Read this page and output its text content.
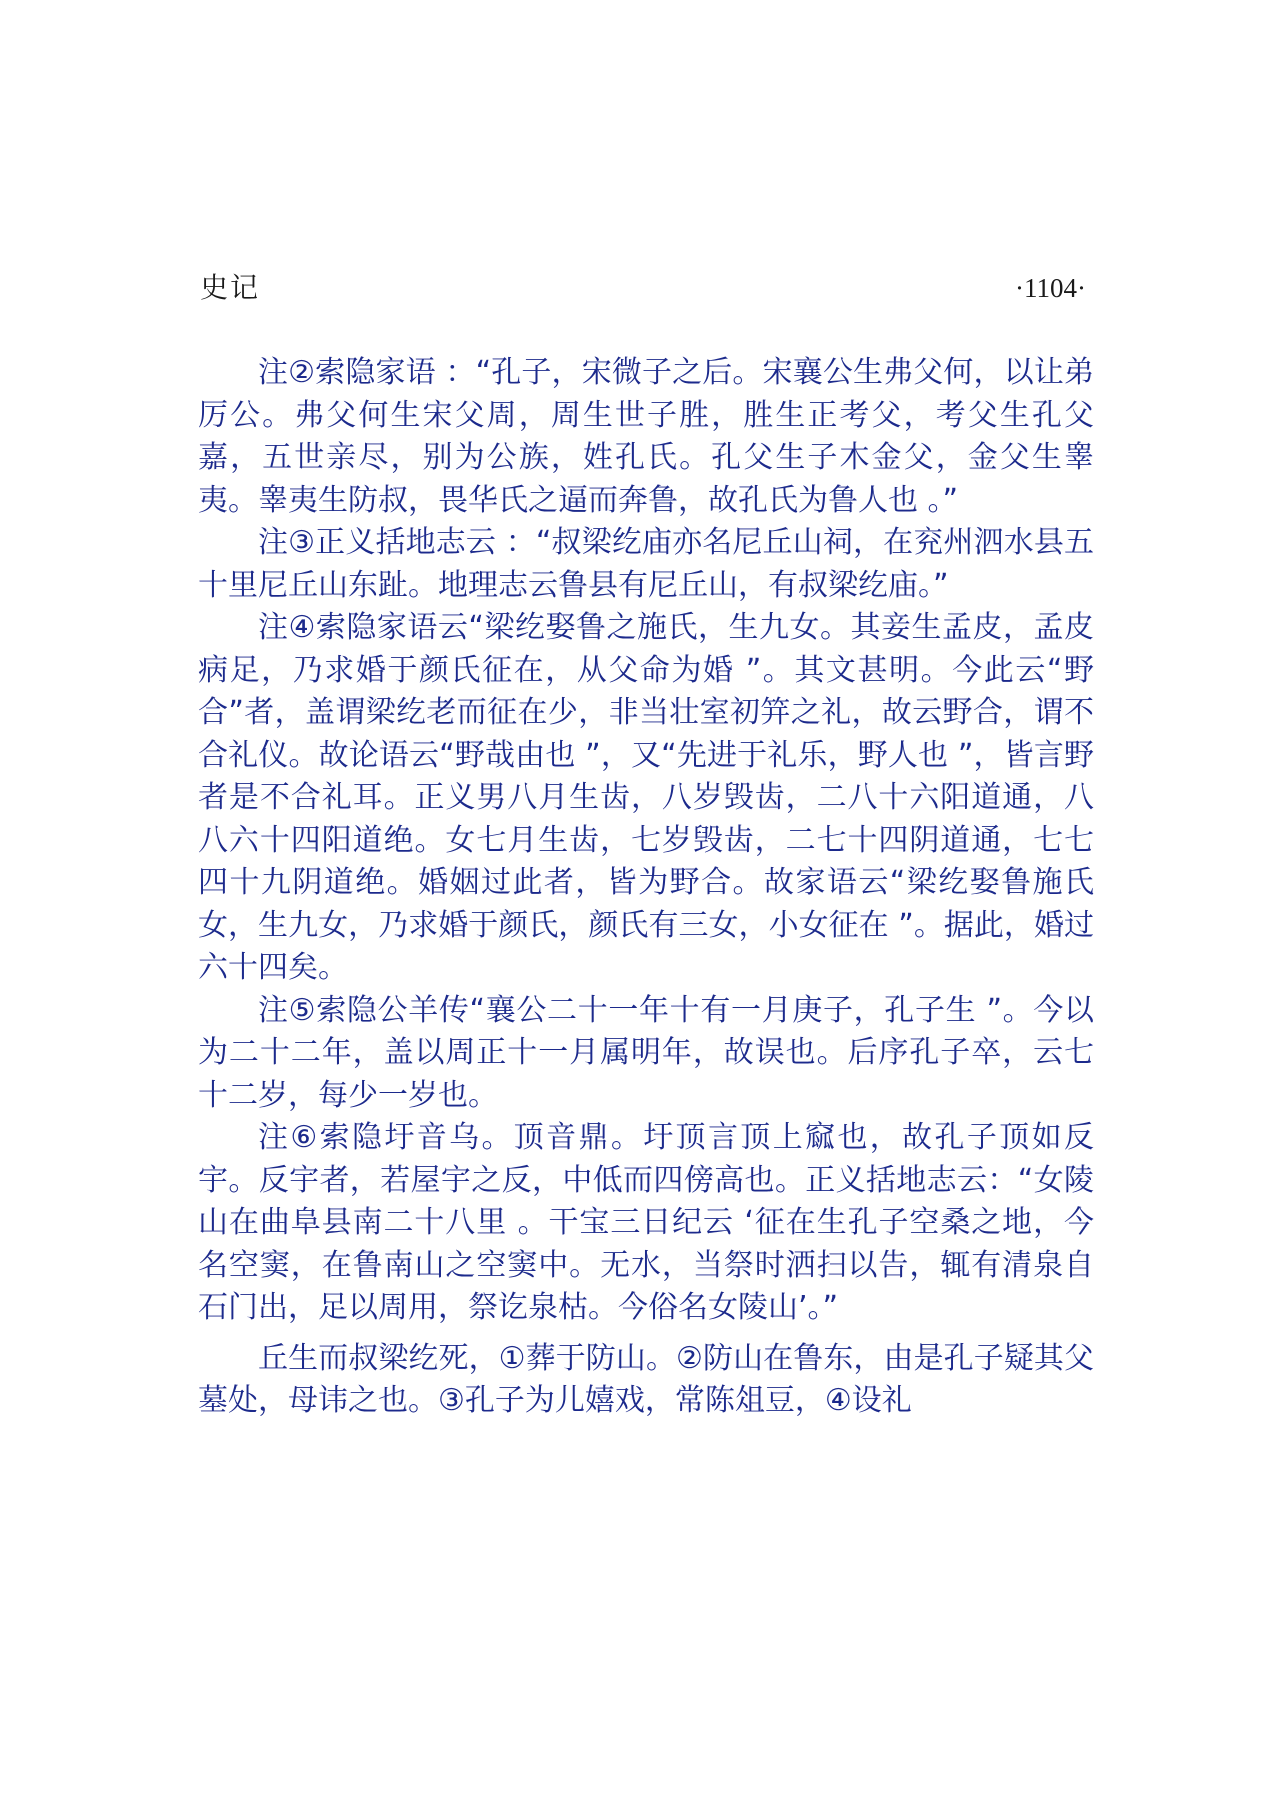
史记	·1104·

注②索隐家语 ：“孔子，宋微子之后。宋襄公生弗父何，以让弟厉公。弗父何生宋父周，周生世子胜，胜生正考父，考父生孔父嘉，五世亲尽，别为公族，姓孔氏。孔父生子木金父，金父生睾夷。睾夷生防叔，畏华氏之逼而奔鲁，故孔氏为鲁人也 。”

注③正义括地志云 ：“叔梁纥庙亦名尼丘山祠，在兖州泗水县五十里尼丘山东趾。地理志云鲁县有尼丘山，有叔梁纥庙。”

注④索隐家语云“梁纥娶鲁之施氏，生九女。其妾生孟皮，孟皮病足，乃求婚于颜氏征在，从父命为婚 ”。其文甚明。今此云“野合”者，盖谓梁纥老而征在少，非当壮室初笄之礼，故云野合，谓不合礼仪。故论语云“野哉由也 ”，又“先进于礼乐，野人也 ”，皆言野者是不合礼耳。正义男八月生齿，八岁毁齿，二八十六阳道通，八八六十四阳道绝。女七月生齿，七岁毁齿，二七十四阴道通，七七四十九阴道绝。婚姻过此者，皆为野合。故家语云“梁纥娶鲁施氏女，生九女，乃求婚于颜氏，颜氏有三女，小女征在 ”。据此，婚过六十四矣。

注⑤索隐公羊传“襄公二十一年十有一月庚子，孔子生 ”。今以为二十二年，盖以周正十一月属明年，故误也。后序孔子卒，云七十二岁，每少一岁也。

注⑥索隐圩音乌。顶音鼎。圩顶言顶上窳也，故孔子顶如反宇。反宇者，若屋宇之反，中低而四傍高也。正义括地志云：“女陵山在曲阜县南二十八里 。干宝三日纪云 ‘征在生孔子空桑之地，今名空窦，在鲁南山之空窦中。无水，当祭时洒扫以告，辄有清泉自石门出，足以周用，祭讫泉枯。今俗名女陵山’。”

丘生而叔梁纥死，①葬于防山。②防山在鲁东，由是孔子疑其父墓处，母讳之也。③孔子为儿嬉戏，常陈俎豆，④设礼
